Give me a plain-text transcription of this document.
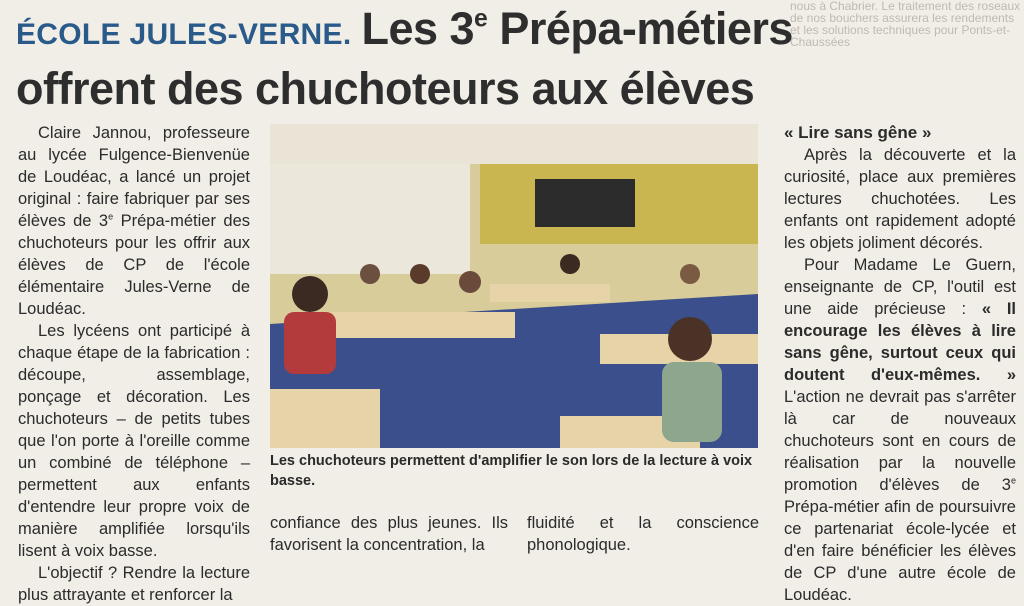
nous à Chabrier. Le traitement des roseaux de nos bouchers assurera les rendements et les solutions techniques pour Ponts-et-Chaussées
ÉCOLE JULES-VERNE. Les 3e Prépa-métiers
offrent des chuchoteurs aux élèves

Claire Jannou, professeure au lycée Fulgence-Bienvenüe de Loudéac, a lancé un projet original : faire fabriquer par ses élèves de 3e Prépa-métier des chuchoteurs pour les offrir aux élèves de CP de l'école élémentaire Jules-Verne de Loudéac.

Les lycéens ont participé à chaque étape de la fabrication : découpe, assemblage, ponçage et décoration. Les chuchoteurs – de petits tubes que l'on porte à l'oreille comme un combiné de téléphone – permettent aux enfants d'entendre leur propre voix de manière amplifiée lorsqu'ils lisent à voix basse.

L'objectif ? Rendre la lecture plus attrayante et renforcer la

Les chuchoteurs permettent d'amplifier le son lors de la lecture à voix basse.
confiance des plus jeunes. Ils favorisent la concentration, la
fluidité et la conscience phonologique.
« Lire sans gêne »

Après la découverte et la curiosité, place aux premières lectures chuchotées. Les enfants ont rapidement adopté les objets joliment décorés.

Pour Madame Le Guern, enseignante de CP, l'outil est une aide précieuse : « Il encourage les élèves à lire sans gêne, surtout ceux qui doutent d'eux-mêmes. » L'action ne devrait pas s'arrêter là car de nouveaux chuchoteurs sont en cours de réalisation par la nouvelle promotion d'élèves de 3e Prépa-métier afin de poursuivre ce partenariat école-lycée et d'en faire bénéficier les élèves de CP d'une autre école de Loudéac.
